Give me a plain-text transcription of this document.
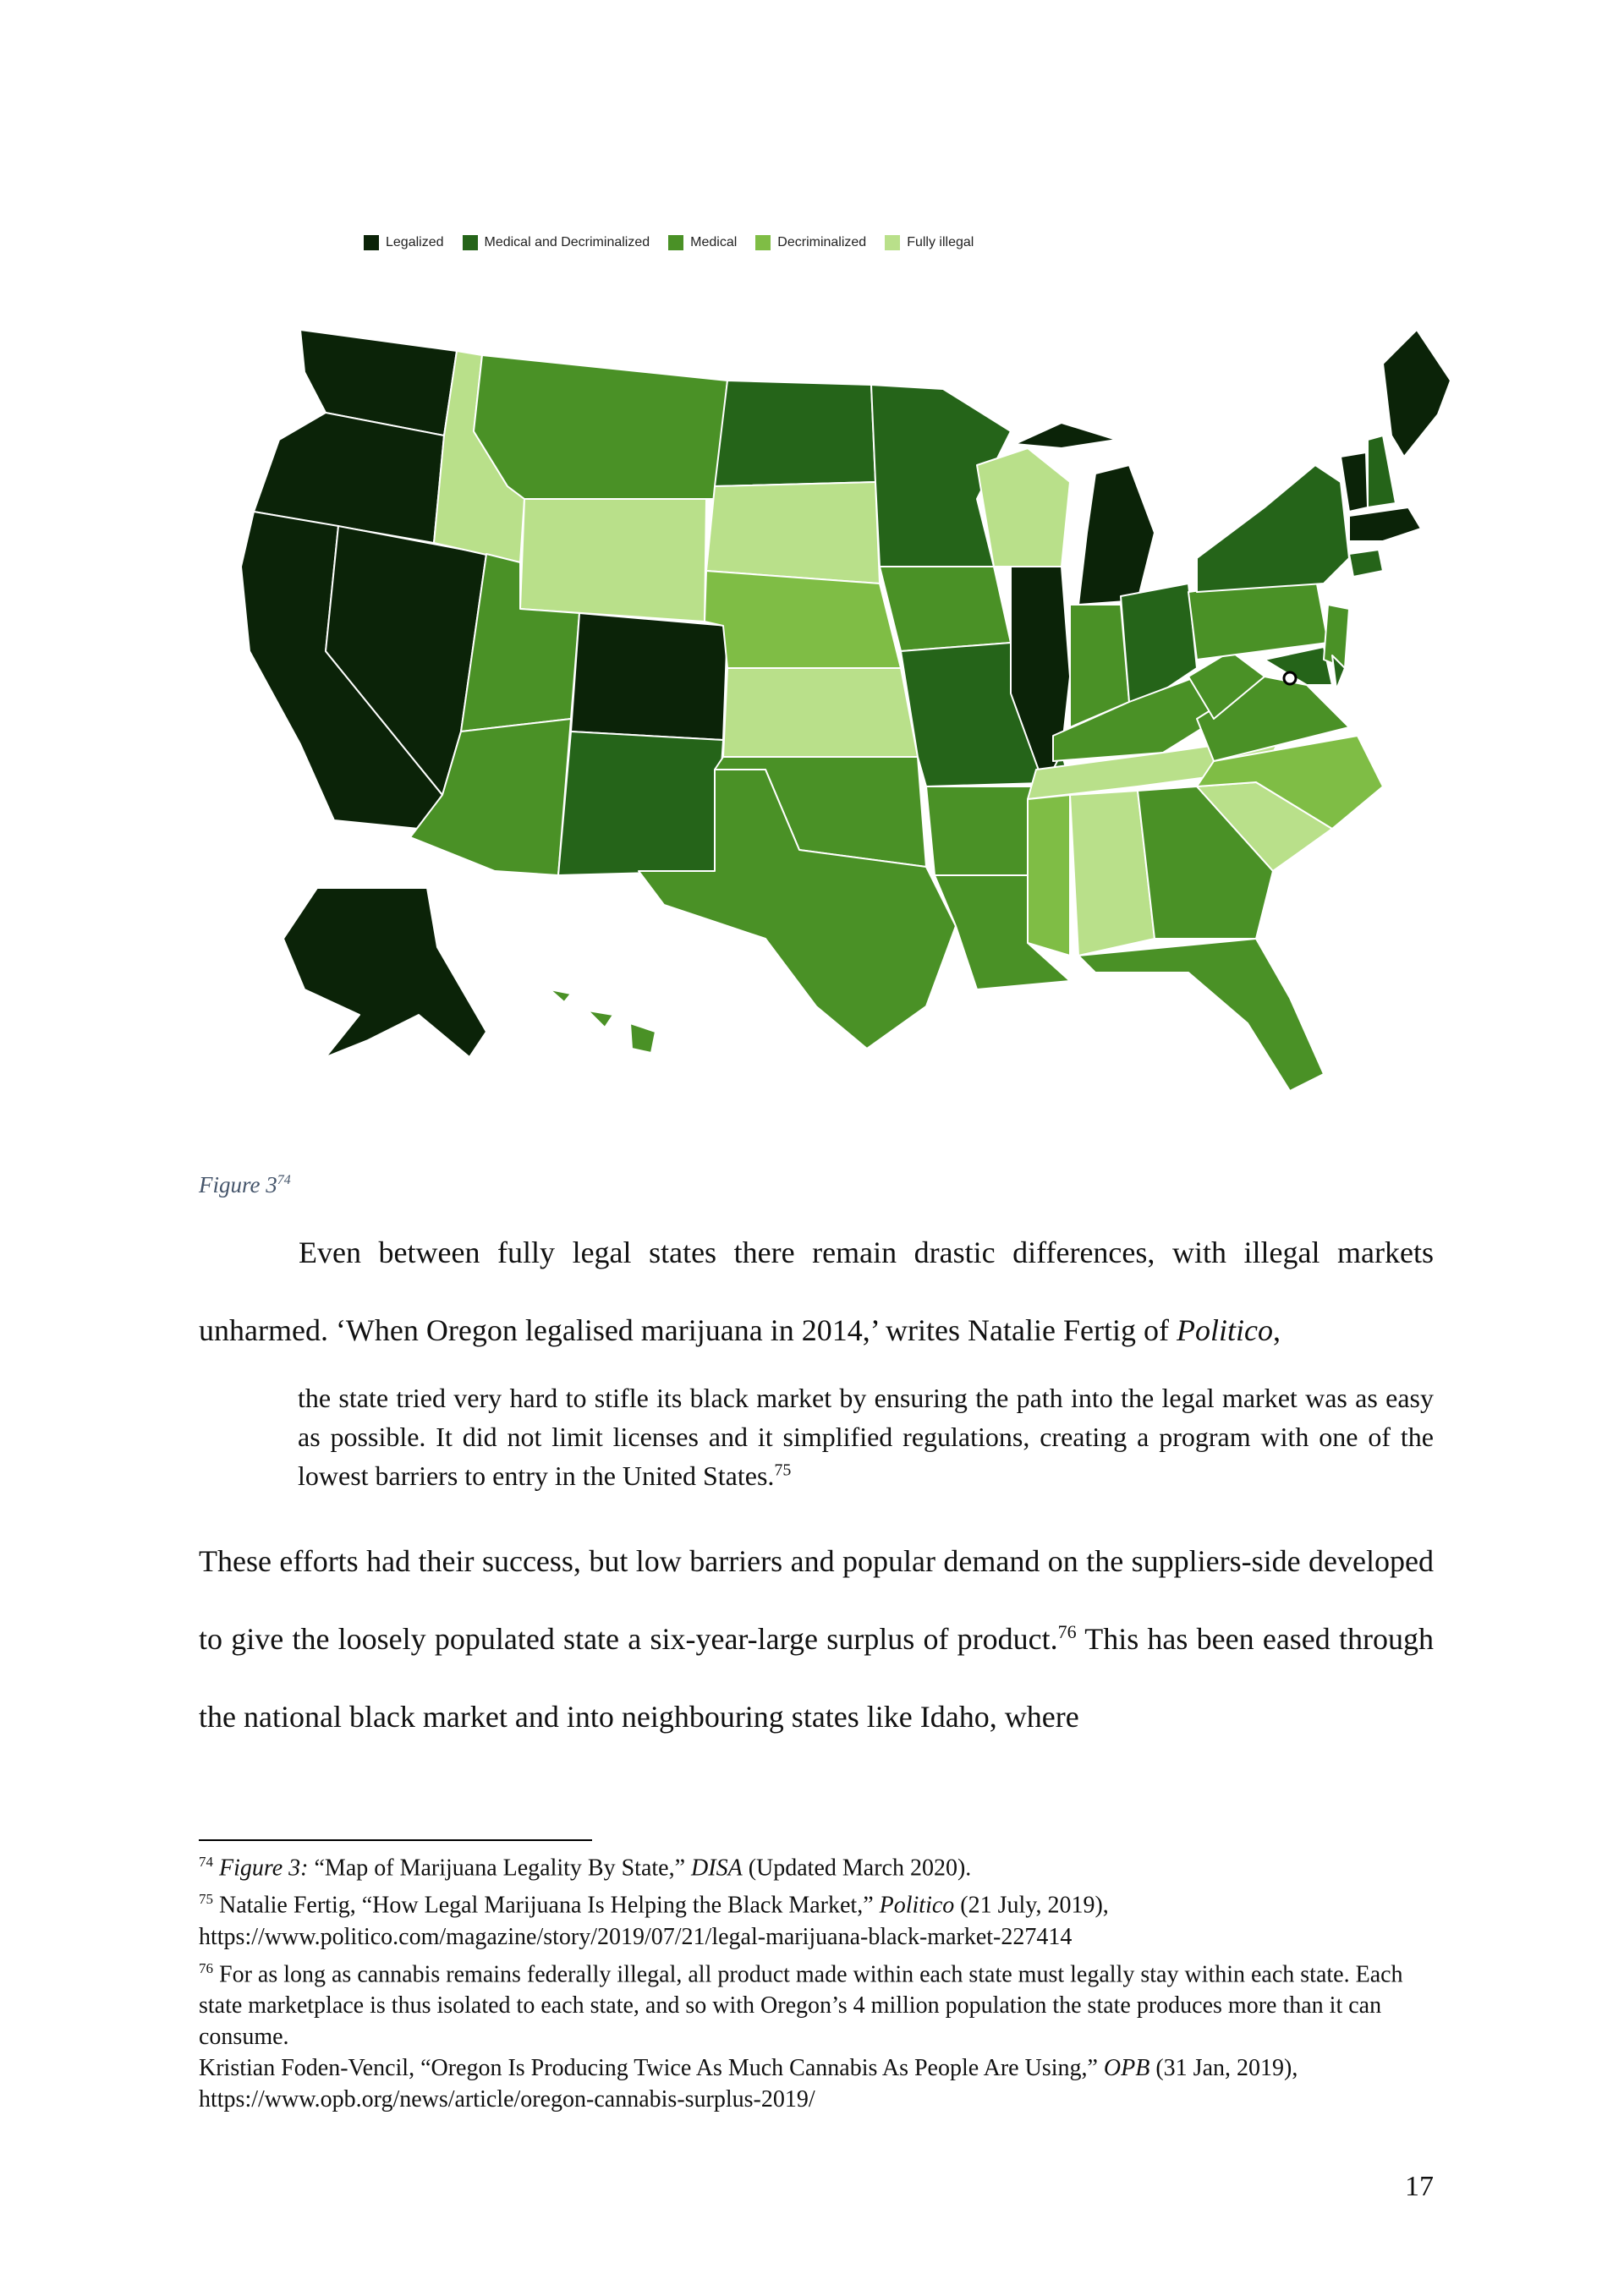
Legalized	Medical and Decriminalized	Medical	Decriminalized	Fully illegal
Figure $3^{74}$
Even between fully legal states there remain drastic differences, with illegal markets unharmed. ‘When Oregon legalised marijuana in 2014,’ writes Natalie Fertig of Politico,
the state tried very hard to stifle its black market by ensuring the path into the legal market was as easy as possible. It did not limit licenses and it simplified regulations, creating a program with one of the lowest barriers to entry in the United States.$^{75}$
These efforts had their success, but low barriers and popular demand on the suppliers-side developed to give the loosely populated state a six-year-large surplus of product.$^{76}$ This has been eased through the national black market and into neighbouring states like Idaho, where

$^{74}$ Figure 3: “Map of Marijuana Legality By State,” DISA (Updated March 2020).

$^{75}$ Natalie Fertig, “How Legal Marijuana Is Helping the Black Market,” Politico (21 July, 2019),

https://www.politico.com/magazine/story/2019/07/21/legal-marijuana-black-market-227414

$^{76}$ For as long as cannabis remains federally illegal, all product made within each state must legally stay within each state. Each state marketplace is thus isolated to each state, and so with Oregon’s 4 million population the state produces more than it can consume.

Kristian Foden-Vencil, “Oregon Is Producing Twice As Much Cannabis As People Are Using,” OPB (31 Jan, 2019), https://www.opb.org/news/article/oregon-cannabis-surplus-2019/

17
